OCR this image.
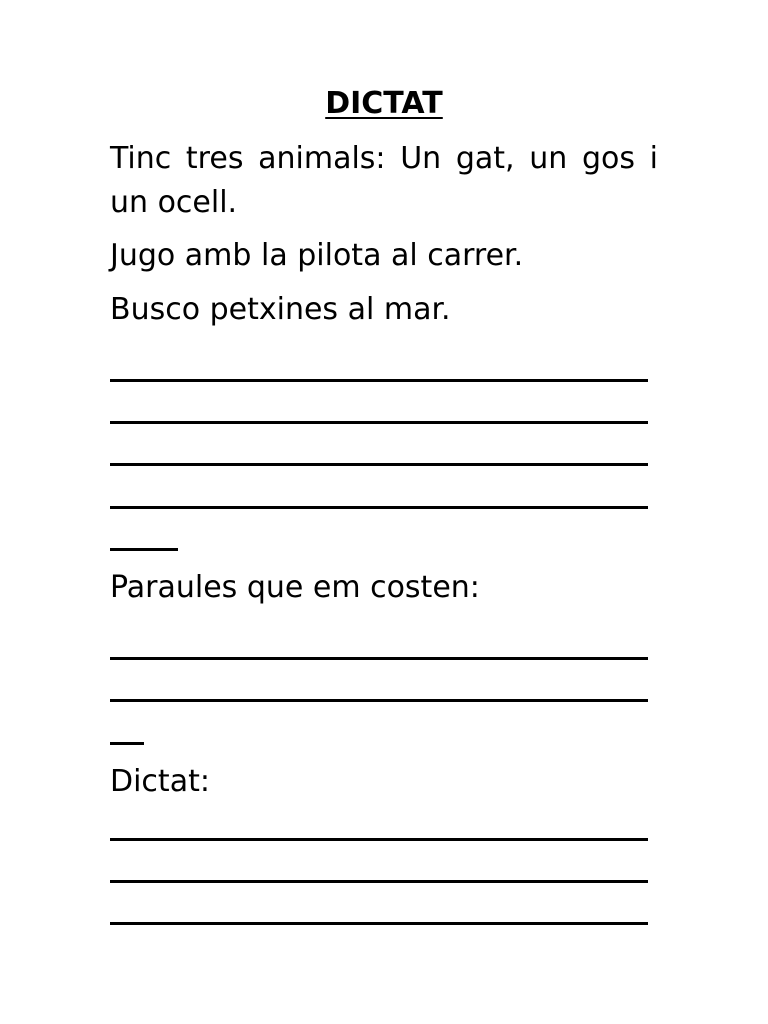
DICTAT
Tinc tres animals: Un gat, un gos i un ocell.
Jugo amb la pilota al carrer.
Busco petxines al mar.
Paraules que em costen:
Dictat:
